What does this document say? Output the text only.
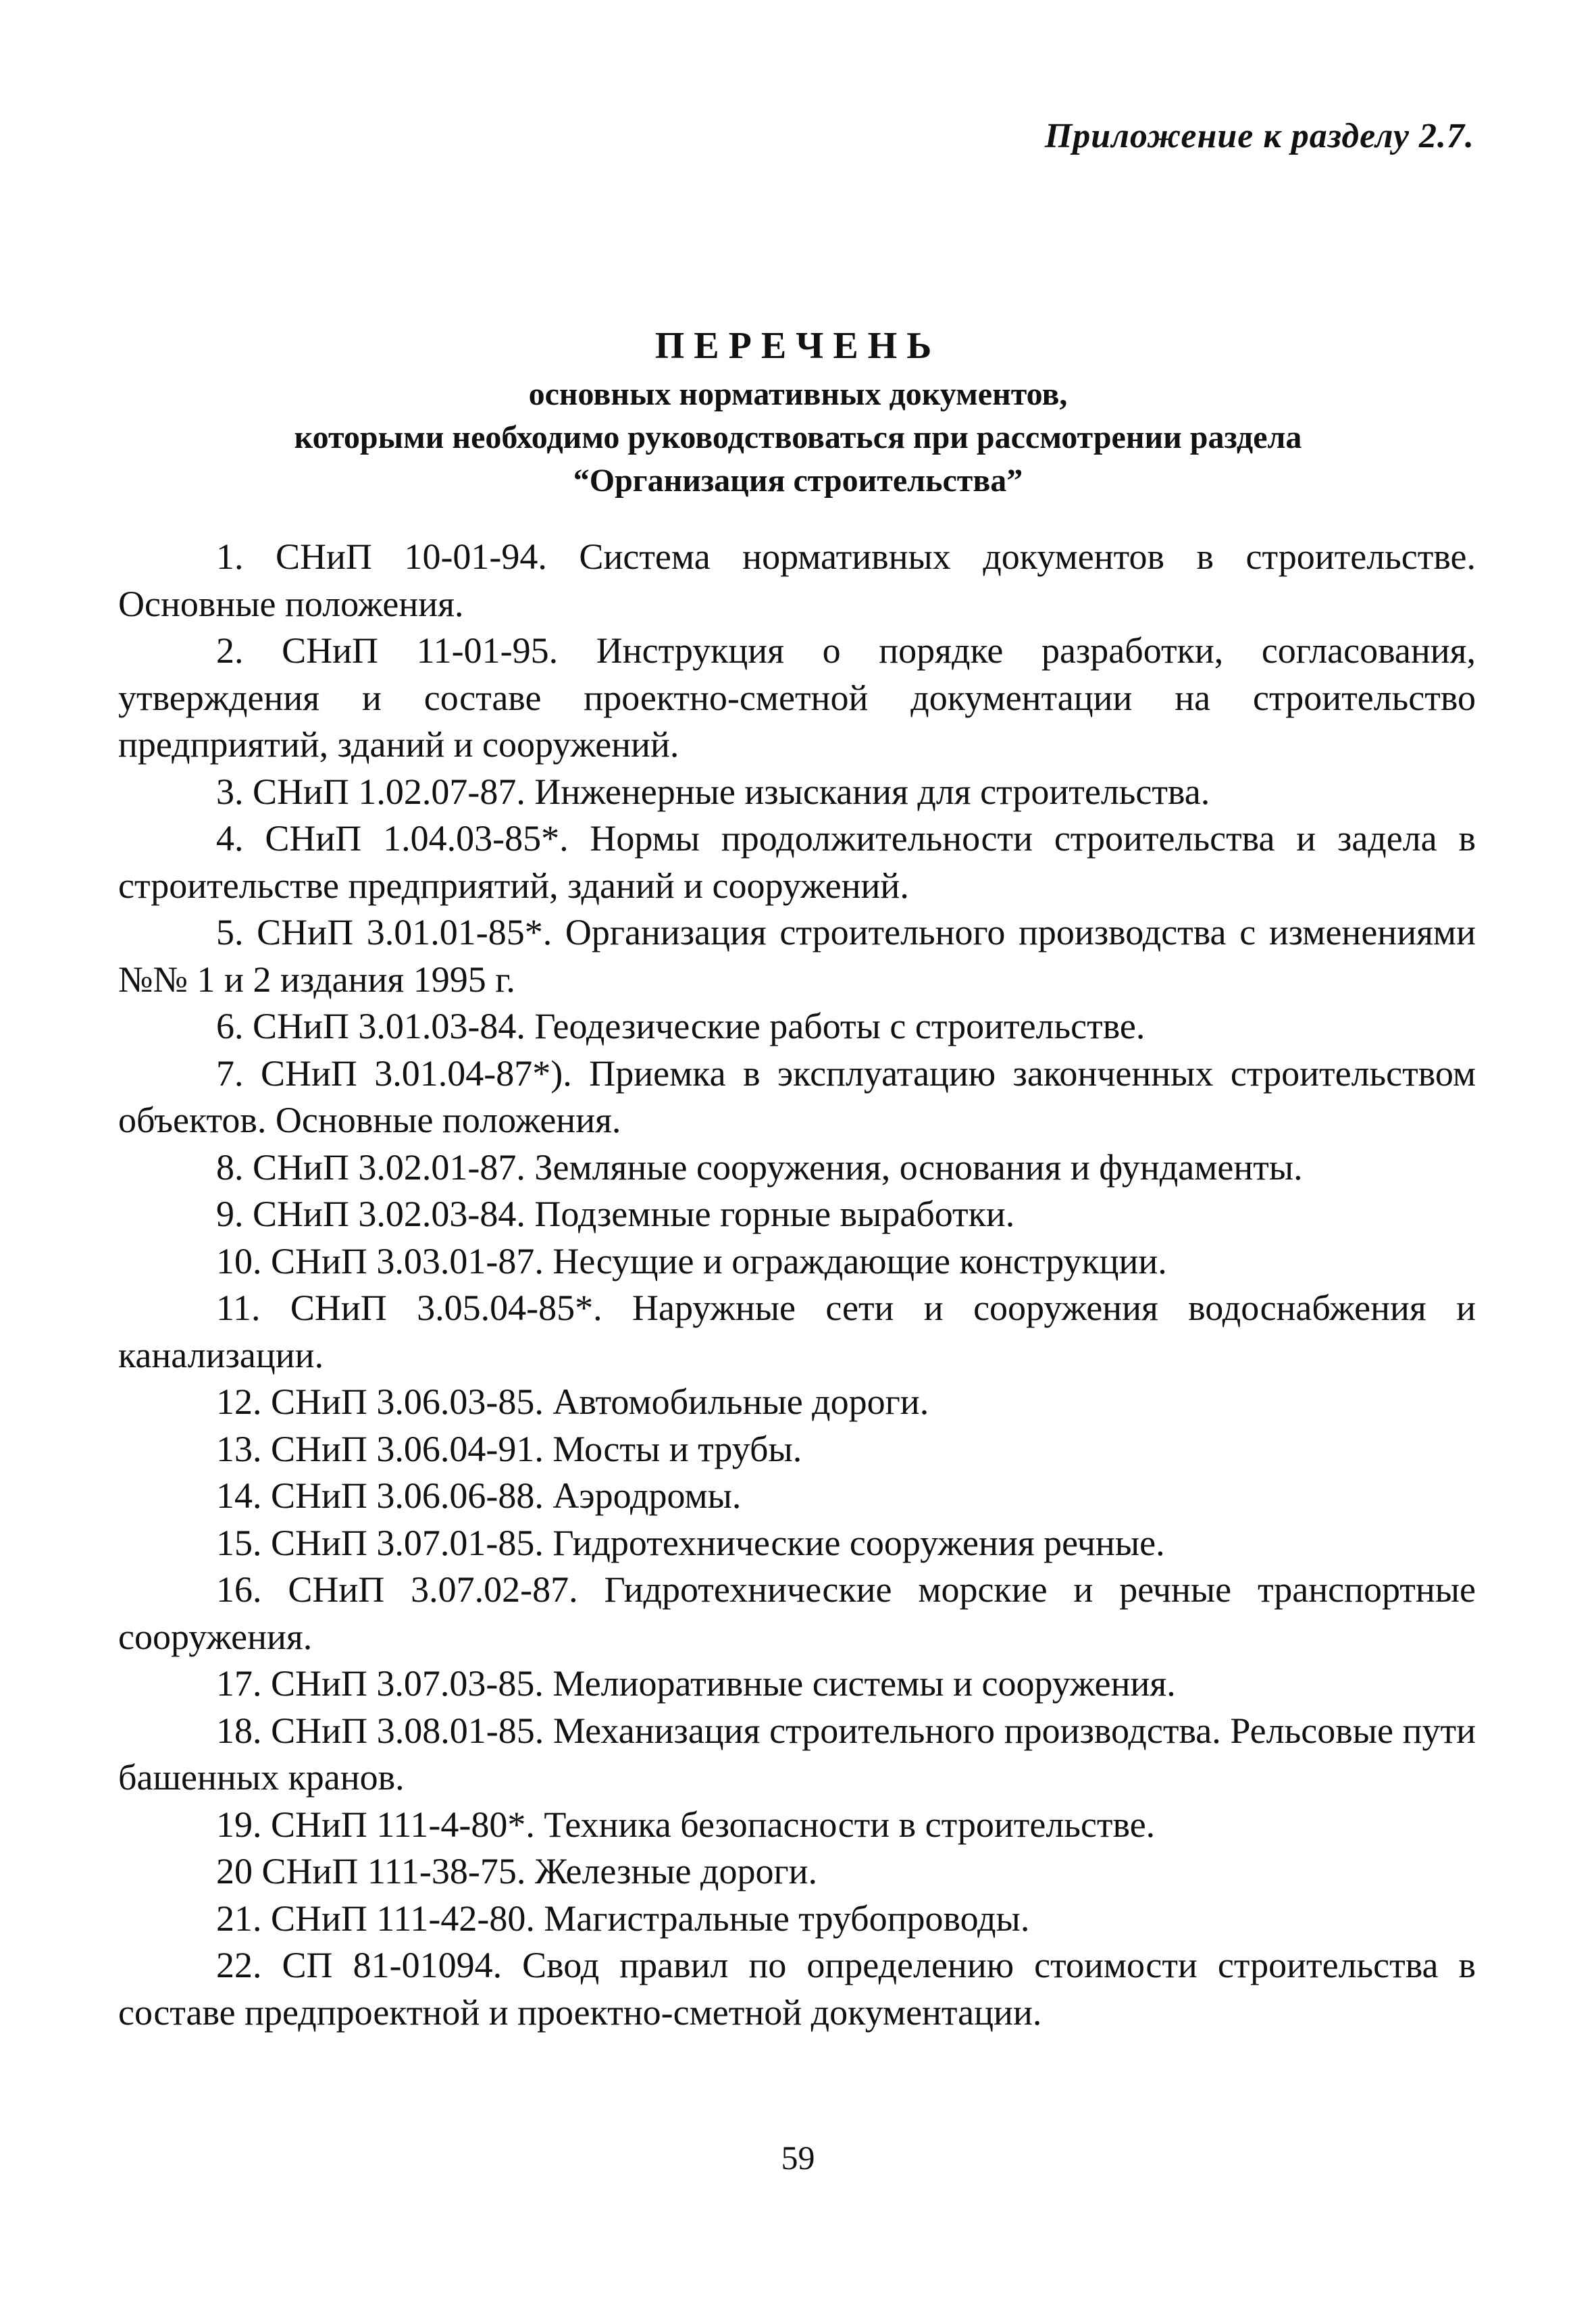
Приложение к разделу 2.7.
ПЕРЕЧЕНЬ
основных нормативных документов,
которыми необходимо руководствоваться при рассмотрении раздела
“Организация строительства”
1. СНиП 10-01-94. Система нормативных документов в строительстве. Основные положения.
2. СНиП 11-01-95. Инструкция о порядке разработки, согласования, утверждения и составе проектно-сметной документации на строительство предприятий, зданий и сооружений.
3. СНиП 1.02.07-87. Инженерные изыскания для строительства.
4. СНиП 1.04.03-85*. Нормы продолжительности строительства и задела в строительстве предприятий, зданий и сооружений.
5. СНиП 3.01.01-85*. Организация строительного производства с изменениями №№ 1 и 2 издания 1995 г.
6. СНиП 3.01.03-84. Геодезические работы с строительстве.
7. СНиП 3.01.04-87*). Приемка в эксплуатацию законченных строительством объектов. Основные положения.
8. СНиП 3.02.01-87. Земляные сооружения, основания и фундаменты.
9. СНиП 3.02.03-84. Подземные горные выработки.
10. СНиП 3.03.01-87. Несущие и ограждающие конструкции.
11. СНиП 3.05.04-85*. Наружные сети и сооружения водоснабжения и канализации.
12. СНиП 3.06.03-85. Автомобильные дороги.
13. СНиП 3.06.04-91. Мосты и трубы.
14. СНиП 3.06.06-88. Аэродромы.
15. СНиП 3.07.01-85. Гидротехнические сооружения речные.
16. СНиП 3.07.02-87. Гидротехнические морские и речные транспортные сооружения.
17. СНиП 3.07.03-85. Мелиоративные системы и сооружения.
18. СНиП 3.08.01-85. Механизация строительного производства. Рельсовые пути башенных кранов.
19. СНиП 111-4-80*. Техника безопасности в строительстве.
20 СНиП 111-38-75. Железные дороги.
21. СНиП 111-42-80. Магистральные трубопроводы.
22. СП 81-01094. Свод правил по определению стоимости строительства в составе предпроектной и проектно-сметной документации.
59
